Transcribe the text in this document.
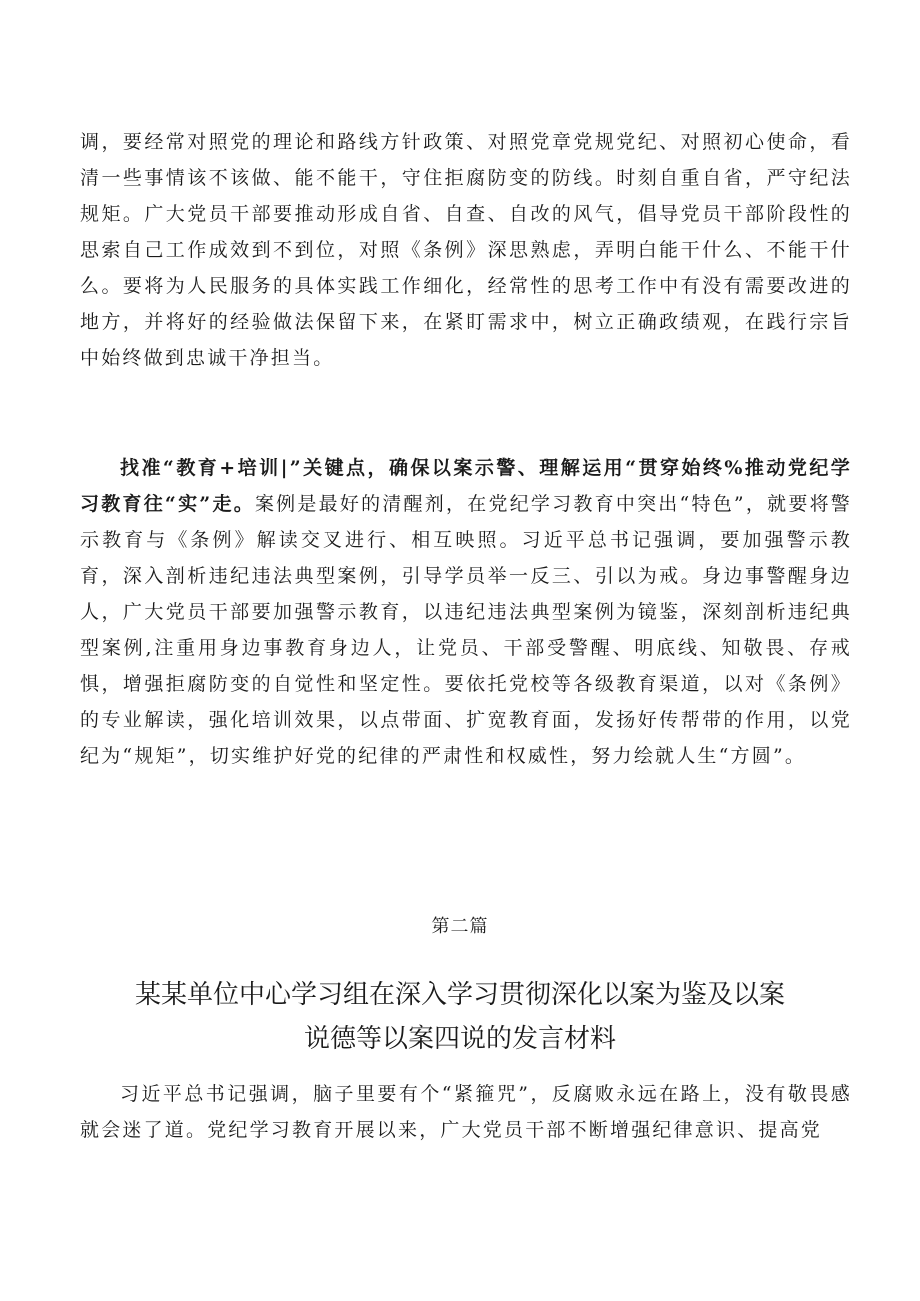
调，要经常对照党的理论和路线方针政策、对照党章党规党纪、对照初心使命，看清一些事情该不该做、能不能干，守住拒腐防变的防线。时刻自重自省，严守纪法规矩。广大党员干部要推动形成自省、自查、自改的风气，倡导党员干部阶段性的思索自己工作成效到不到位，对照《条例》深思熟虑，弄明白能干什么、不能干什么。要将为人民服务的具体实践工作细化，经常性的思考工作中有没有需要改进的地方，并将好的经验做法保留下来，在紧盯需求中，树立正确政绩观，在践行宗旨中始终做到忠诚干净担当。

找准“教育+培训|”关键点，确保以案示警、理解运用“贯穿始终%推动党纪学习教育往“实”走。案例是最好的清醒剂，在党纪学习教育中突出“特色”，就要将警示教育与《条例》解读交叉进行、相互映照。习近平总书记强调，要加强警示教育，深入剖析违纪违法典型案例，引导学员举一反三、引以为戒。身边事警醒身边人，广大党员干部要加强警示教育，以违纪违法典型案例为镜鉴，深刻剖析违纪典型案例,注重用身边事教育身边人，让党员、干部受警醒、明底线、知敬畏、存戒惧，增强拒腐防变的自觉性和坚定性。要依托党校等各级教育渠道，以对《条例》的专业解读，强化培训效果，以点带面、扩宽教育面，发扬好传帮带的作用，以党纪为“规矩”，切实维护好党的纪律的严肃性和权威性，努力绘就人生“方圆”。

第二篇

某某单位中心学习组在深入学习贯彻深化以案为鉴及以案
说德等以案四说的发言材料

习近平总书记强调，脑子里要有个“紧箍咒”，反腐败永远在路上，没有敬畏感就会迷了道。党纪学习教育开展以来，广大党员干部不断增强纪律意识、提高党
